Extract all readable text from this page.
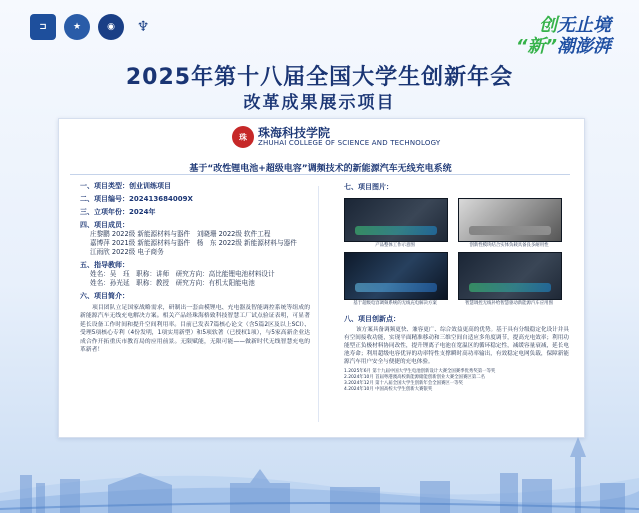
⊐	★	◉	♆	创无止境
“新”潮澎湃
2025年第十八届全国大学生创新年会
改革成果展示项目
珠 珠海科技学院
ZHUHAI COLLEGE OF SCIENCE AND TECHNOLOGY
基于“改性锂电池+超级电容”调频技术的新能源汽车无线充电系统
一、项目类型：创业训练项目
二、项目编号：202413684009X
三、立项年份：2024年
四、项目成员：
庄黎鹏 2022级 新能源材料与器件　刘晓珊 2022级 软件工程
嘉博萍 2021级 新能源材料与器件　杨　东 2022级 新能源材料与器件
江雨欣 2022级 电子商务
五、指导教师：
姓名：吴　珏　职称：讲师　研究方向：高比能锂电池材料设计
姓名：孙光延　职称：教授　研究方向：有机太阳能电池
六、项目简介：
项目团队立足国家战略需求，研制出一套由模锂电、充电器及智能调控系统等组成的新能源汽车无线充电解决方案。相关产品经珠海格致科技智慧工厂试点验证表明，可显著延长设备工作时间和提升空间利用率。目前已发表7篇核心论文（含5篇2区及以上SCI）、受理5项核心专利（4份发明，1项实用新型）和5项软著（已授权1项），与5家高新企业达成合作开拓重庆市教育局的应用前景。无限赋能，无限可能——做新时代无线智慧充电的革新者！
七、项目图片：
产品整体工作示意图	创新性模块结合实体负载具备良多耐用性
基于超级电容调频系统的无线充电解决方案	智慧调控无线补给智慧驱动新能源汽车应用图
八、项目创新点：
该方案具备调频更快、兼容更广、综合效益更高的优势。基于具有分级稳定化设计并具有空间接收功能，实现平面精准移动和三维空间自适应多角度调节，提高充电效率；利用功能型正负极材料协同改性，提升锂离子电池在宽温区的循环稳定性，减缓容量衰减，延长电池寿命；利用超级电容优异的功率特性支撑瞬时高功率输出，有效稳定电网负载，保障新能源汽车用户安全与便捷的充电体验。
1.2025年6月 第十九届中国大学生电池创新设计大赛全国赛季优秀奖第一等奖
2.2024年10月 首届粤港澳高校新能源储能创新创业大赛全国赛区第二名
3.2024年12月 第十八届全国大学生创新年会全国赛区一等奖
4.2024年10月 中国高校大学生创新大赛银奖
